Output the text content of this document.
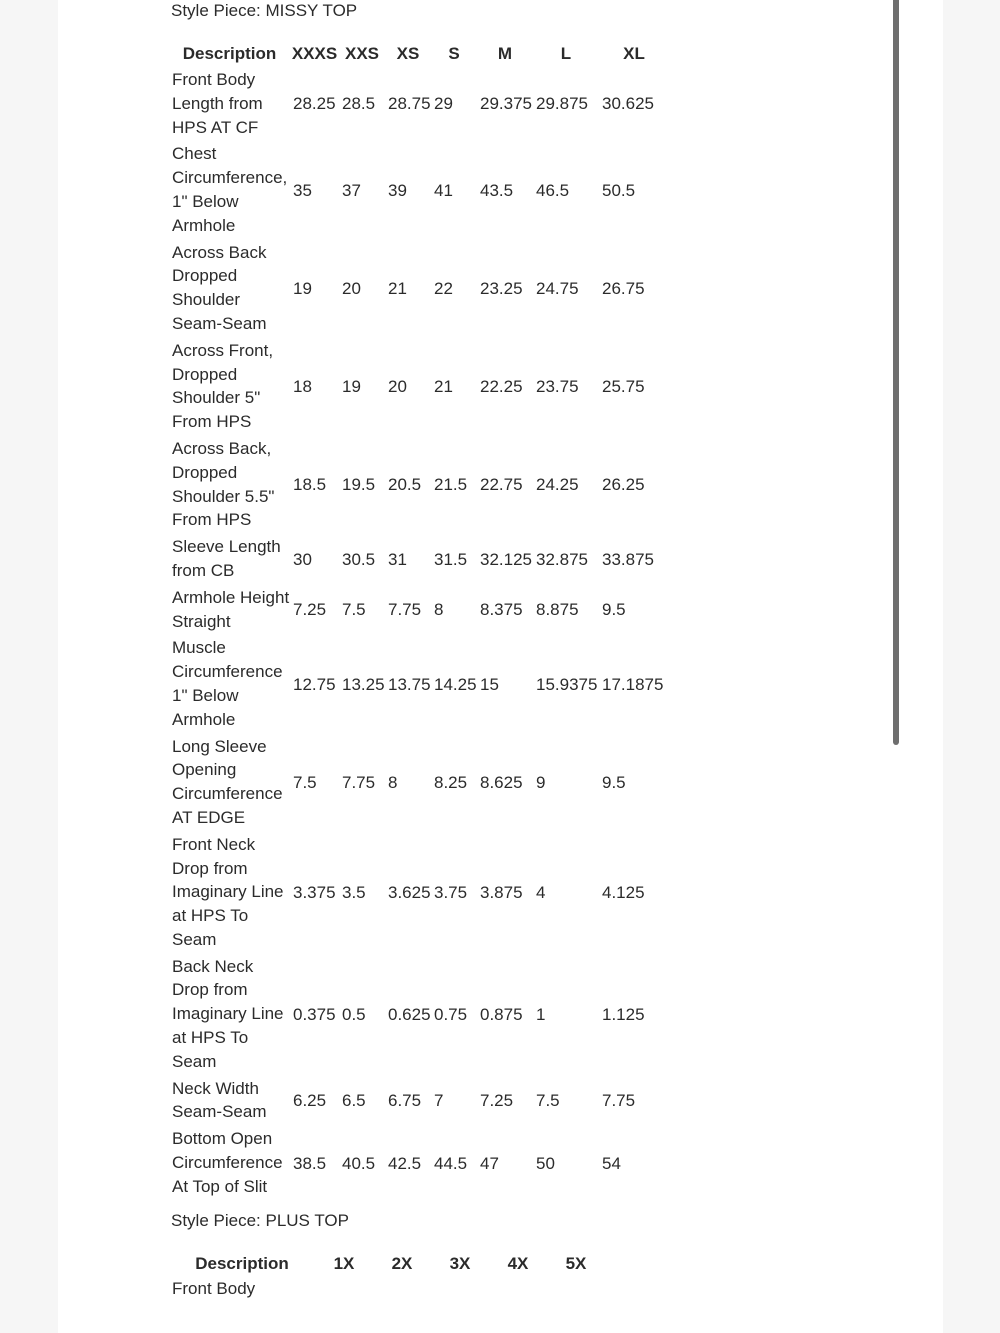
Style Piece: MISSY TOP
Description	XXXS	XXS	XS	S	M	L	XL
Front Body Length from HPS AT CF	28.25	28.5	28.75	29	29.375	29.875	30.625
Chest Circumference, 1" Below Armhole	35	37	39	41	43.5	46.5	50.5
Across Back Dropped Shoulder Seam-Seam	19	20	21	22	23.25	24.75	26.75
Across Front, Dropped Shoulder 5" From HPS	18	19	20	21	22.25	23.75	25.75
Across Back, Dropped Shoulder 5.5" From HPS	18.5	19.5	20.5	21.5	22.75	24.25	26.25
Sleeve Length from CB	30	30.5	31	31.5	32.125	32.875	33.875
Armhole Height Straight	7.25	7.5	7.75	8	8.375	8.875	9.5
Muscle Circumference 1" Below Armhole	12.75	13.25	13.75	14.25	15	15.9375	17.1875
Long Sleeve Opening Circumference AT EDGE	7.5	7.75	8	8.25	8.625	9	9.5
Front Neck Drop from Imaginary Line at HPS To Seam	3.375	3.5	3.625	3.75	3.875	4	4.125
Back Neck Drop from Imaginary Line at HPS To Seam	0.375	0.5	0.625	0.75	0.875	1	1.125
Neck Width Seam-Seam	6.25	6.5	6.75	7	7.25	7.5	7.75
Bottom Open Circumference At Top of Slit	38.5	40.5	42.5	44.5	47	50	54
Style Piece: PLUS TOP
Description	1X	2X	3X	4X	5X
Front Body					
